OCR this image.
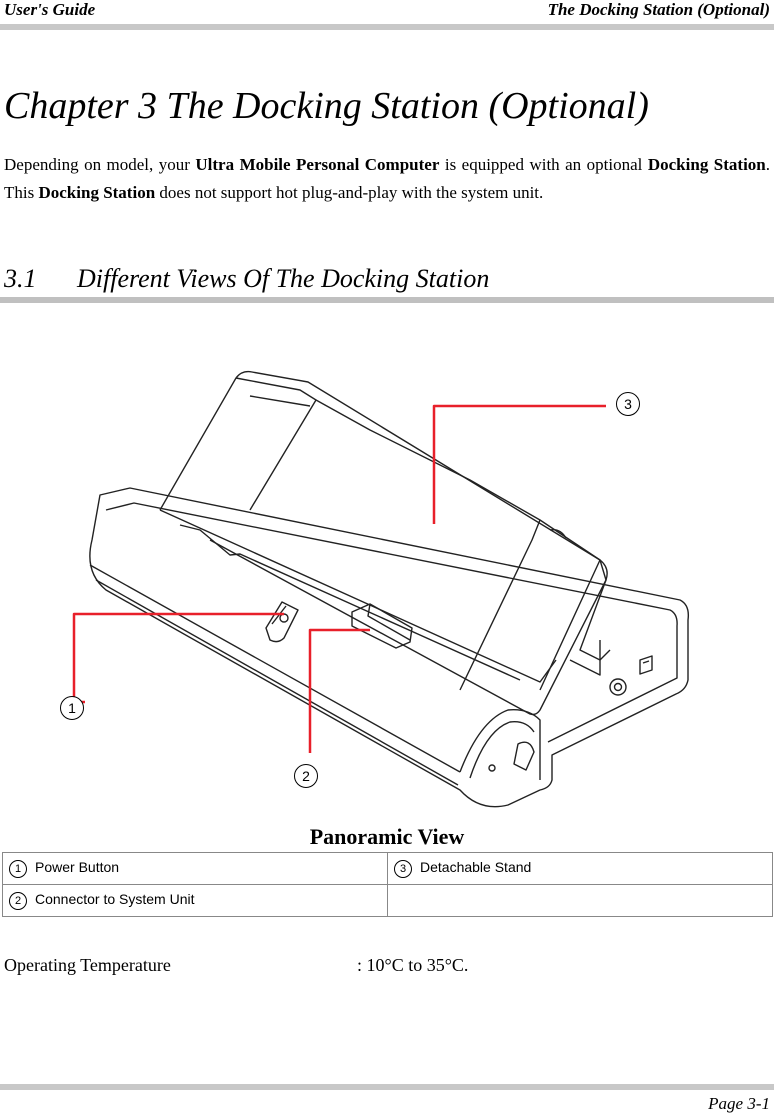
User's Guide	The Docking Station (Optional)
Chapter 3 The Docking Station (Optional)
Depending on model, your Ultra Mobile Personal Computer is equipped with an optional Docking Station. This Docking Station does not support hot plug-and-play with the system unit.
3.1 Different Views Of The Docking Station
1
2
3
Panoramic View
1 Power Button	3 Detachable Stand
2 Connector to System Unit	
Operating Temperature	: 10°C to 35°C.
Page 3-1
